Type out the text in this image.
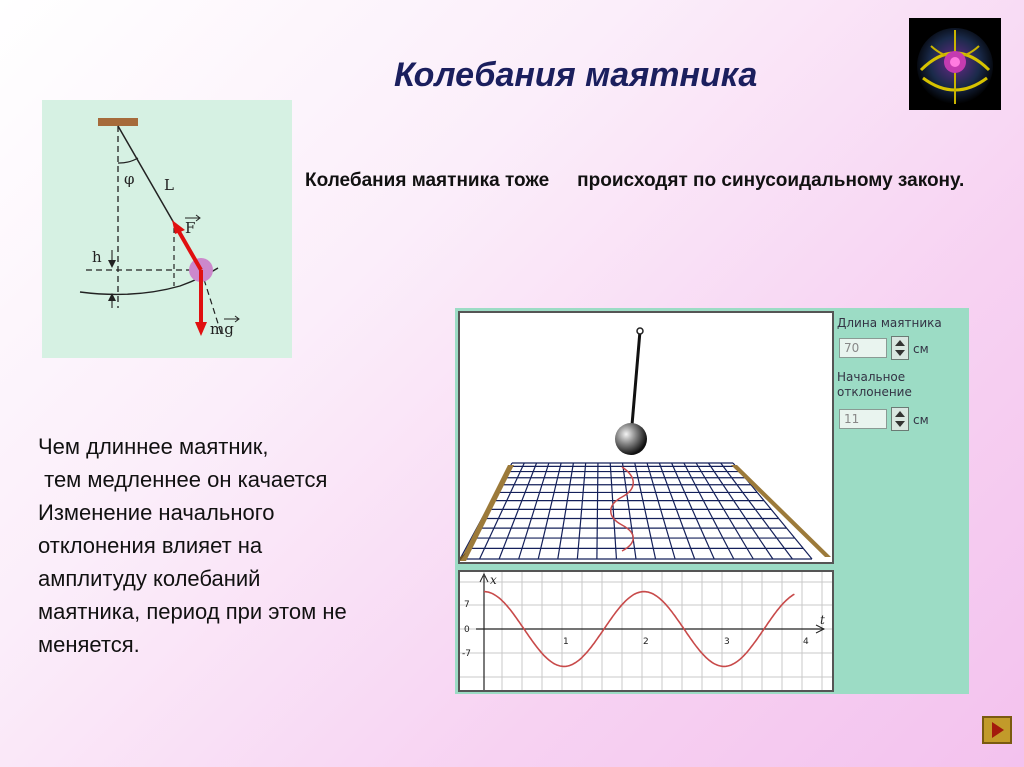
Колебания маятника
φ L
F
h
mg
Колебания маятника тоже происходят по синусоидальному закону.
Чем длиннее маятник,
тем медленнее он качается
Изменение начального
отклонения влияет на
амплитуду колебаний
маятника, период при этом не
меняется.
Длина маятника
70	см
Начальное
отклонение
11	см
x
t
7
0
-7
1	2	3	4
